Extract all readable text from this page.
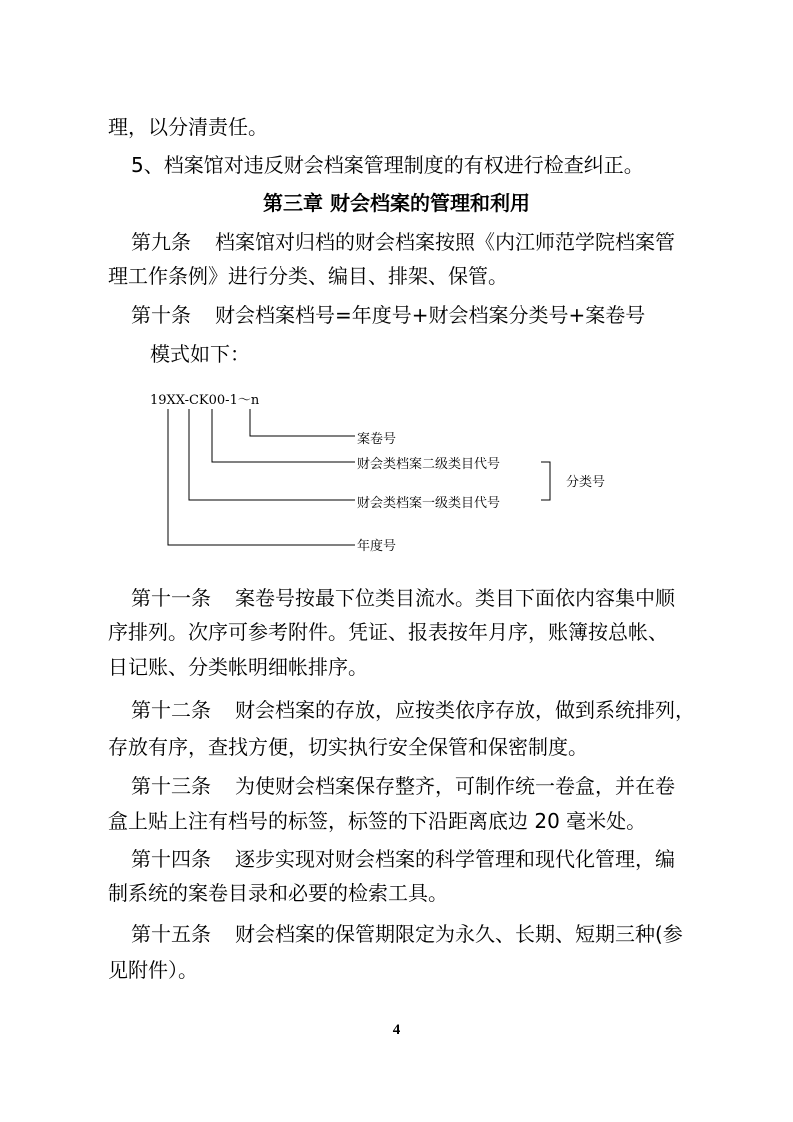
理，以分清责任。
5、档案馆对违反财会档案管理制度的有权进行检查纠正。
第三章 财会档案的管理和利用
第九条 档案馆对归档的财会档案按照《内江师范学院档案管
理工作条例》进行分类、编目、排架、保管。
第十条 财会档案档号=年度号+财会档案分类号+案卷号
模式如下：
19XX-CK00-1～n
案卷号
财会类档案二级类目代号
财会类档案一级类目代号
年度号
分类号
第十一条 案卷号按最下位类目流水。类目下面依内容集中顺
序排列。次序可参考附件。凭证、报表按年月序，账簿按总帐、
日记账、分类帐明细帐排序。
第十二条 财会档案的存放，应按类依序存放，做到系统排列，
存放有序，查找方便，切实执行安全保管和保密制度。
第十三条 为使财会档案保存整齐，可制作统一卷盒，并在卷
盒上贴上注有档号的标签，标签的下沿距离底边 20 毫米处。
第十四条 逐步实现对财会档案的科学管理和现代化管理，编
制系统的案卷目录和必要的检索工具。
第十五条 财会档案的保管期限定为永久、长期、短期三种(参
见附件）。
4
